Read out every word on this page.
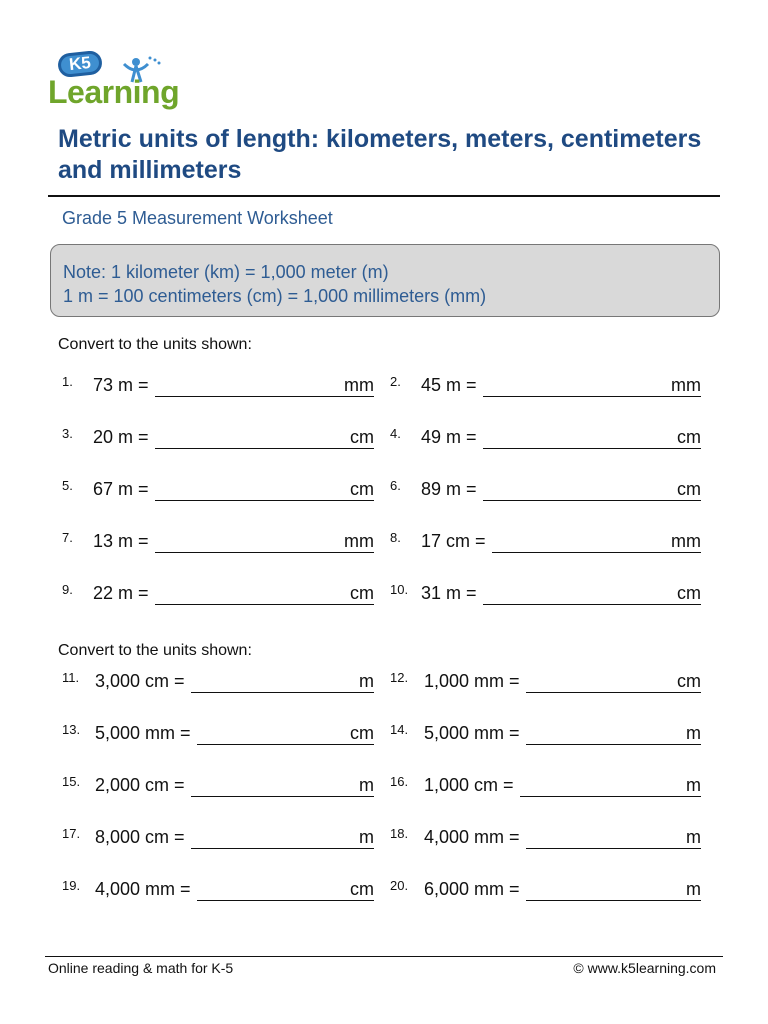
K5
Learning
Metric units of length: kilometers, meters, centimeters and millimeters
Grade 5 Measurement Worksheet
Note: 1 kilometer (km) = 1,000 meter (m)
1 m = 100 centimeters (cm) = 1,000 millimeters (mm)
Convert to the units shown:
1. 73 m =	mm 2. 45 m =	mm
3. 20 m =	cm 4. 49 m =	cm
5. 67 m =	cm 6. 89 m =	cm
7. 13 m =	mm 8. 17 cm =	mm
9. 22 m =	cm 10. 31 m =	cm
11. 3,000 cm =	m 12. 1,000 mm =	cm
13. 5,000 mm =	cm 14. 5,000 mm =	m
15. 2,000 cm =	m 16. 1,000 cm =	m
17. 8,000 cm =	m 18. 4,000 mm =	m
19. 4,000 mm =	cm 20. 6,000 mm =	m
Convert to the units shown:
Online reading & math for K-5	© www.k5learning.com
